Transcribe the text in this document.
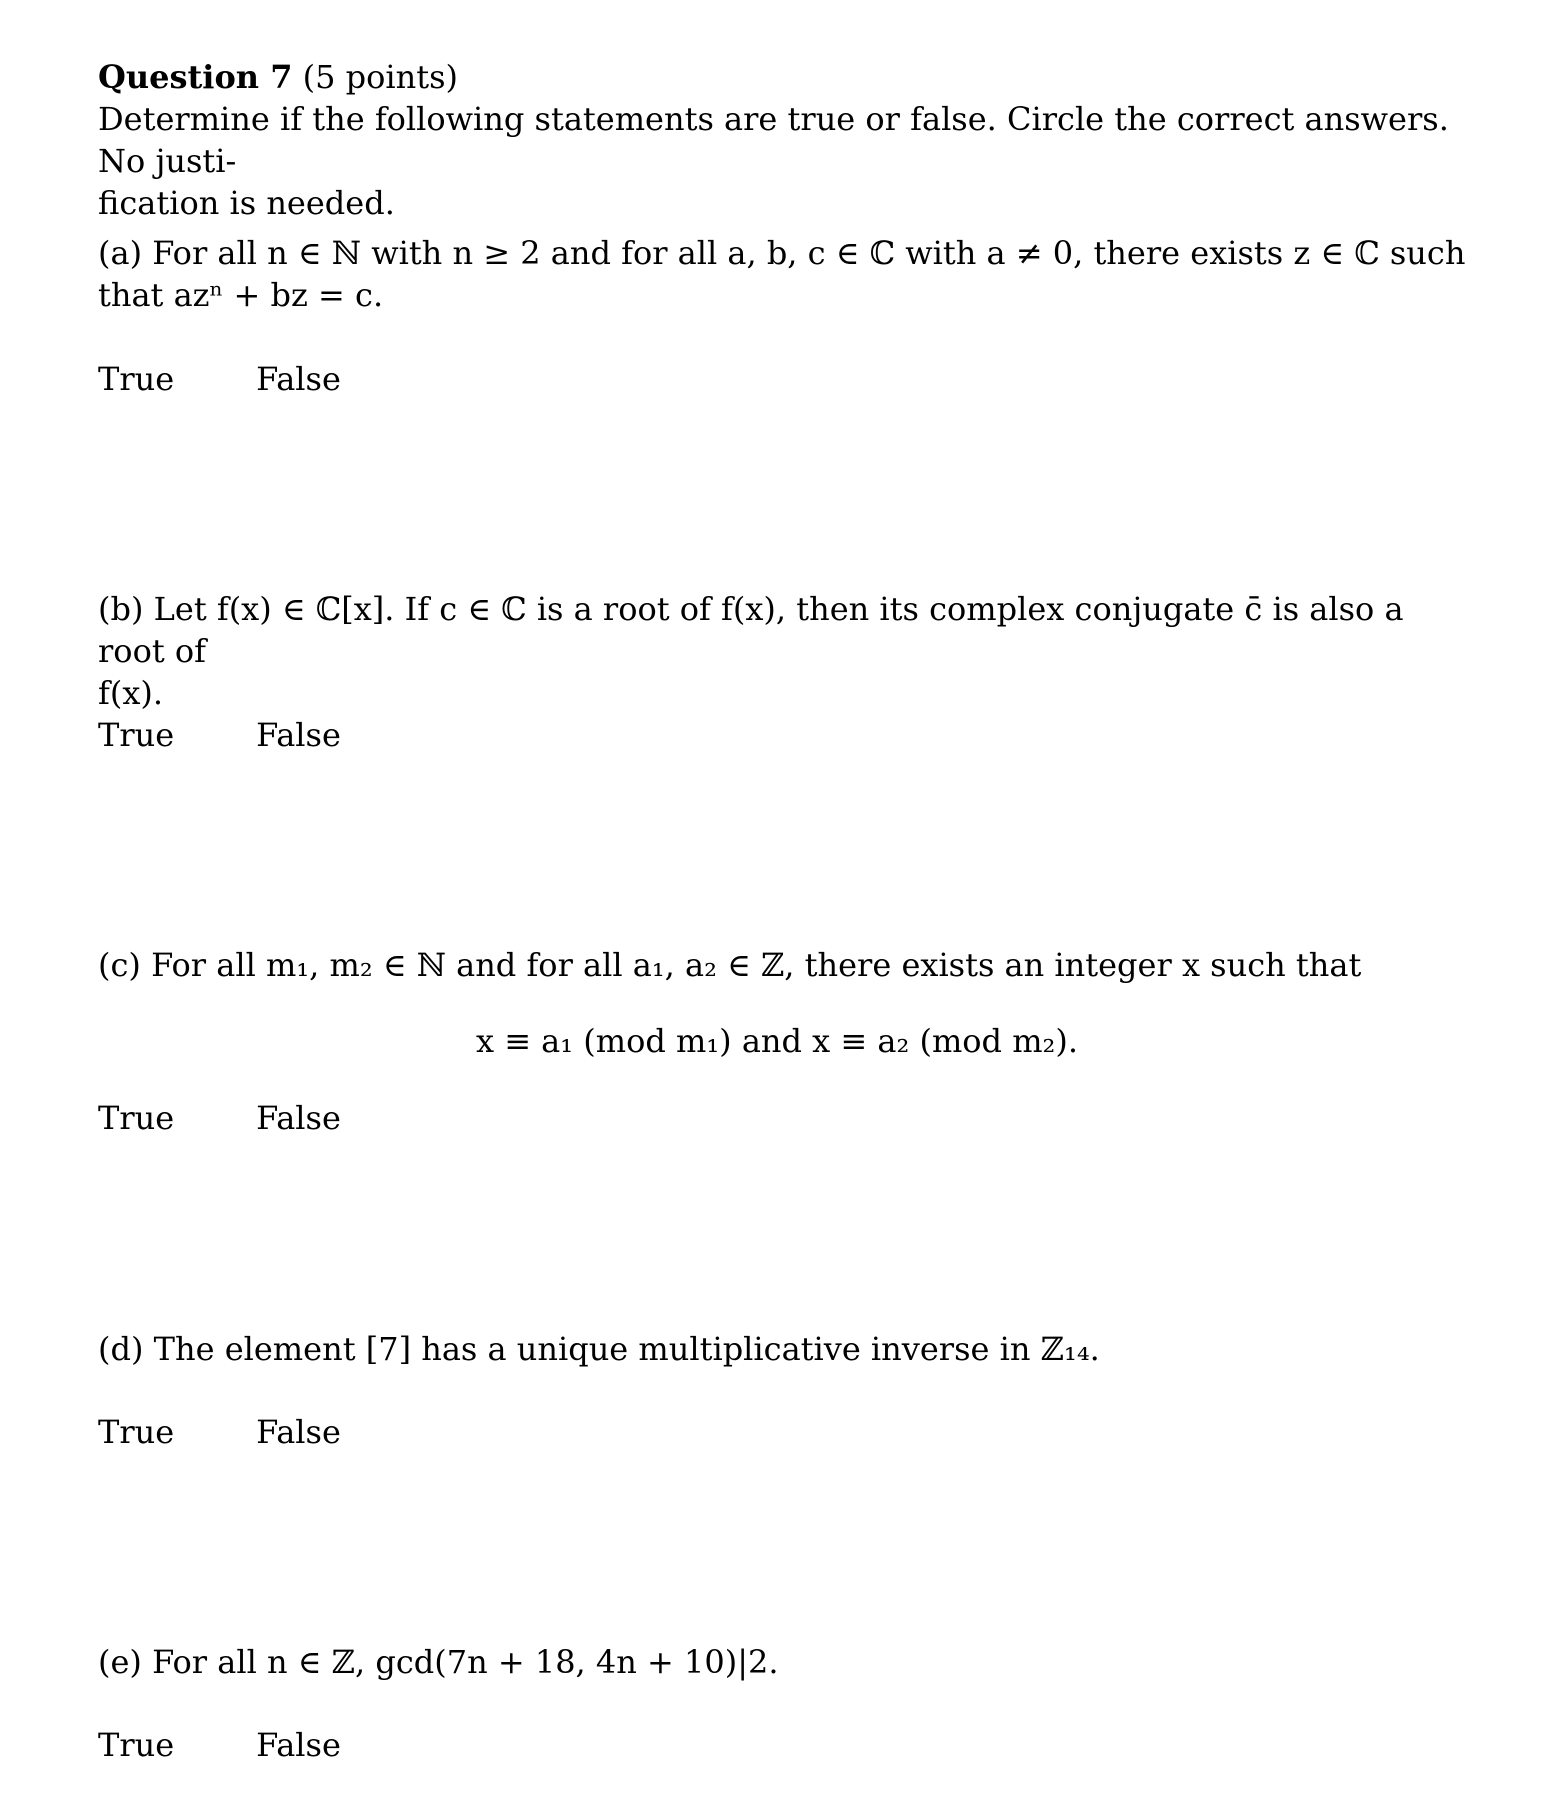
Question 7 (5 points)
Determine if the following statements are true or false. Circle the correct answers. No justi-
fication is needed.
(a) For all n ∈ ℕ with n ≥ 2 and for all a, b, c ∈ ℂ with a ≠ 0, there exists z ∈ ℂ such
that azⁿ + bz = c.
True	False
(b) Let f(x) ∈ ℂ[x]. If c ∈ ℂ is a root of f(x), then its complex conjugate c̄ is also a root of
f(x).
True	False
(c) For all m₁, m₂ ∈ ℕ and for all a₁, a₂ ∈ ℤ, there exists an integer x such that
x ≡ a₁ (mod m₁) and x ≡ a₂ (mod m₂).
True	False
(d) The element [7] has a unique multiplicative inverse in ℤ₁₄.
True	False
(e) For all n ∈ ℤ, gcd(7n + 18, 4n + 10)|2.
True	False
